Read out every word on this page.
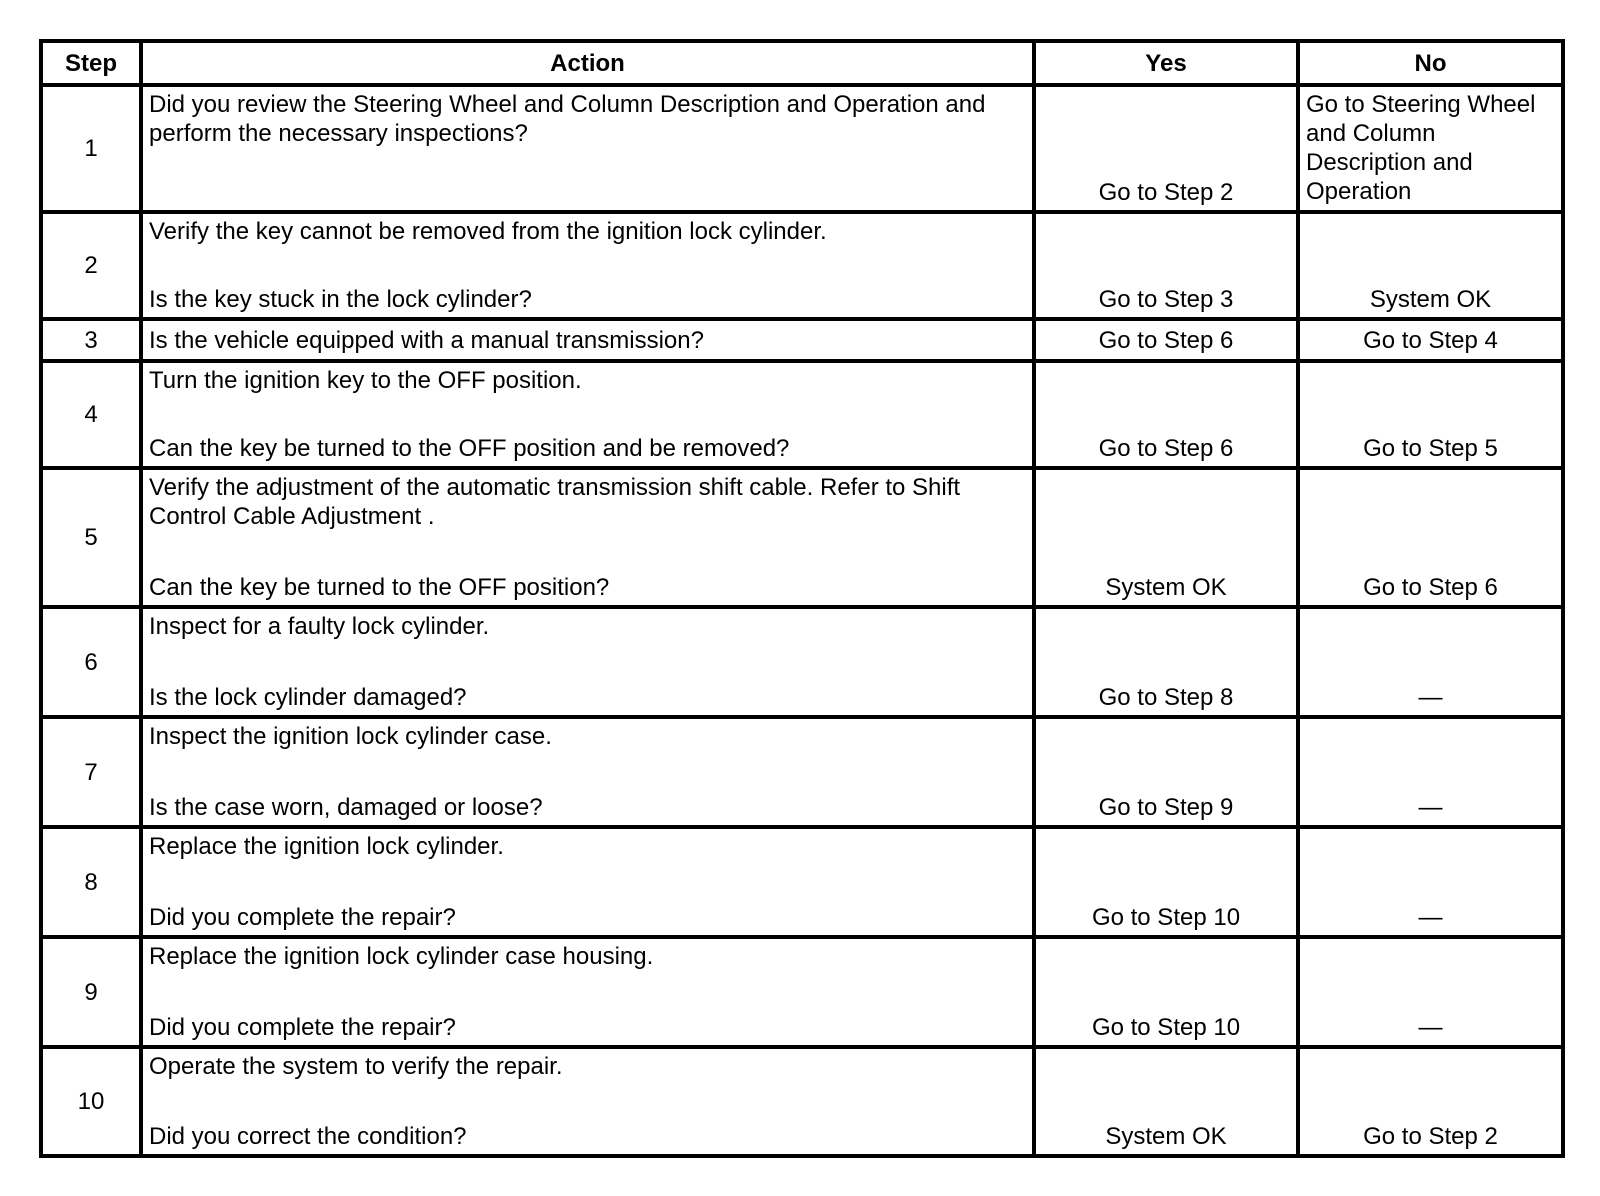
Step	Action	Yes	No
1	Did you review the Steering Wheel and Column Description and Operation and perform the necessary inspections?	Go to Step 2	Go to Steering Wheel and Column Description and Operation
2	Verify the key cannot be removed from the ignition lock cylinder.
Is the key stuck in the lock cylinder?	Go to Step 3	System OK
3	Is the vehicle equipped with a manual transmission?	Go to Step 6	Go to Step 4
4	Turn the ignition key to the OFF position.
Can the key be turned to the OFF position and be removed?	Go to Step 6	Go to Step 5
5	Verify the adjustment of the automatic transmission shift cable. Refer to Shift Control Cable Adjustment .
Can the key be turned to the OFF position?	System OK	Go to Step 6
6	Inspect for a faulty lock cylinder.
Is the lock cylinder damaged?	Go to Step 8	—
7	Inspect the ignition lock cylinder case.
Is the case worn, damaged or loose?	Go to Step 9	—
8	Replace the ignition lock cylinder.
Did you complete the repair?	Go to Step 10	—
9	Replace the ignition lock cylinder case housing.
Did you complete the repair?	Go to Step 10	—
10	Operate the system to verify the repair.
Did you correct the condition?	System OK	Go to Step 2
